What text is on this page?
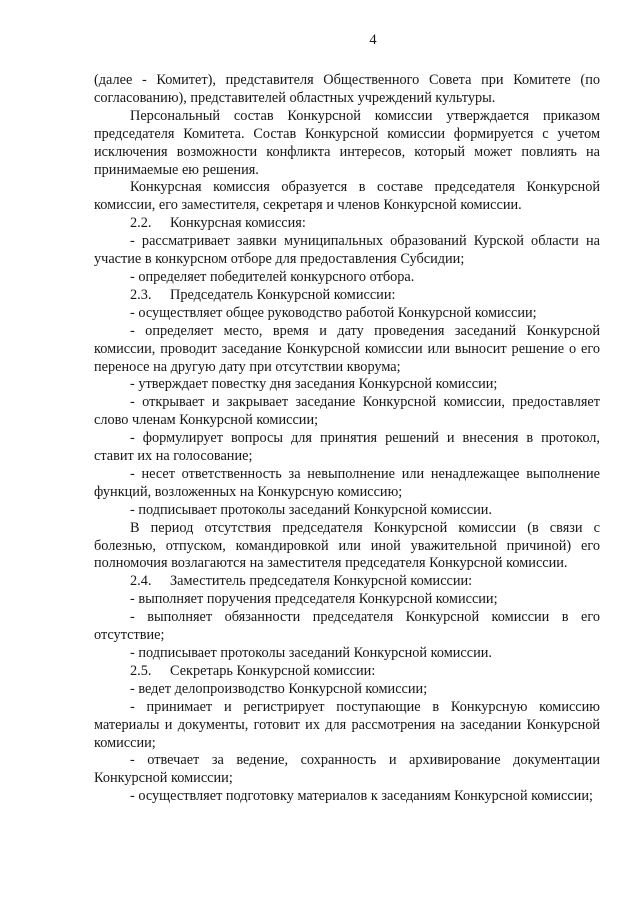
4

(далее - Комитет), представителя Общественного Совета при Комитете (по согласованию), представителей областных учреждений культуры.

Персональный состав Конкурсной комиссии утверждается приказом председателя Комитета. Состав Конкурсной комиссии формируется с учетом исключения возможности конфликта интересов, который может повлиять на принимаемые ею решения.

Конкурсная комиссия образуется в составе председателя Конкурсной комиссии, его заместителя, секретаря и членов Конкурсной комиссии.

2.2. Конкурсная комиссия:

- рассматривает заявки муниципальных образований Курской области на участие в конкурсном отборе для предоставления Субсидии;

- определяет победителей конкурсного отбора.

2.3. Председатель Конкурсной комиссии:

- осуществляет общее руководство работой Конкурсной комиссии;

- определяет место, время и дату проведения заседаний Конкурсной комиссии, проводит заседание Конкурсной комиссии или выносит решение о его переносе на другую дату при отсутствии кворума;

- утверждает повестку дня заседания Конкурсной комиссии;

- открывает и закрывает заседание Конкурсной комиссии, предоставляет слово членам Конкурсной комиссии;

- формулирует вопросы для принятия решений и внесения в протокол, ставит их на голосование;

- несет ответственность за невыполнение или ненадлежащее выполнение функций, возложенных на Конкурсную комиссию;

- подписывает протоколы заседаний Конкурсной комиссии.

В период отсутствия председателя Конкурсной комиссии (в связи с болезнью, отпуском, командировкой или иной уважительной причиной) его полномочия возлагаются на заместителя председателя Конкурсной комиссии.

2.4. Заместитель председателя Конкурсной комиссии:

- выполняет поручения председателя Конкурсной комиссии;

- выполняет обязанности председателя Конкурсной комиссии в его отсутствие;

- подписывает протоколы заседаний Конкурсной комиссии.

2.5. Секретарь Конкурсной комиссии:

- ведет делопроизводство Конкурсной комиссии;

- принимает и регистрирует поступающие в Конкурсную комиссию материалы и документы, готовит их для рассмотрения на заседании Конкурсной комиссии;

- отвечает за ведение, сохранность и архивирование документации Конкурсной комиссии;

- осуществляет подготовку материалов к заседаниям Конкурсной комиссии;
